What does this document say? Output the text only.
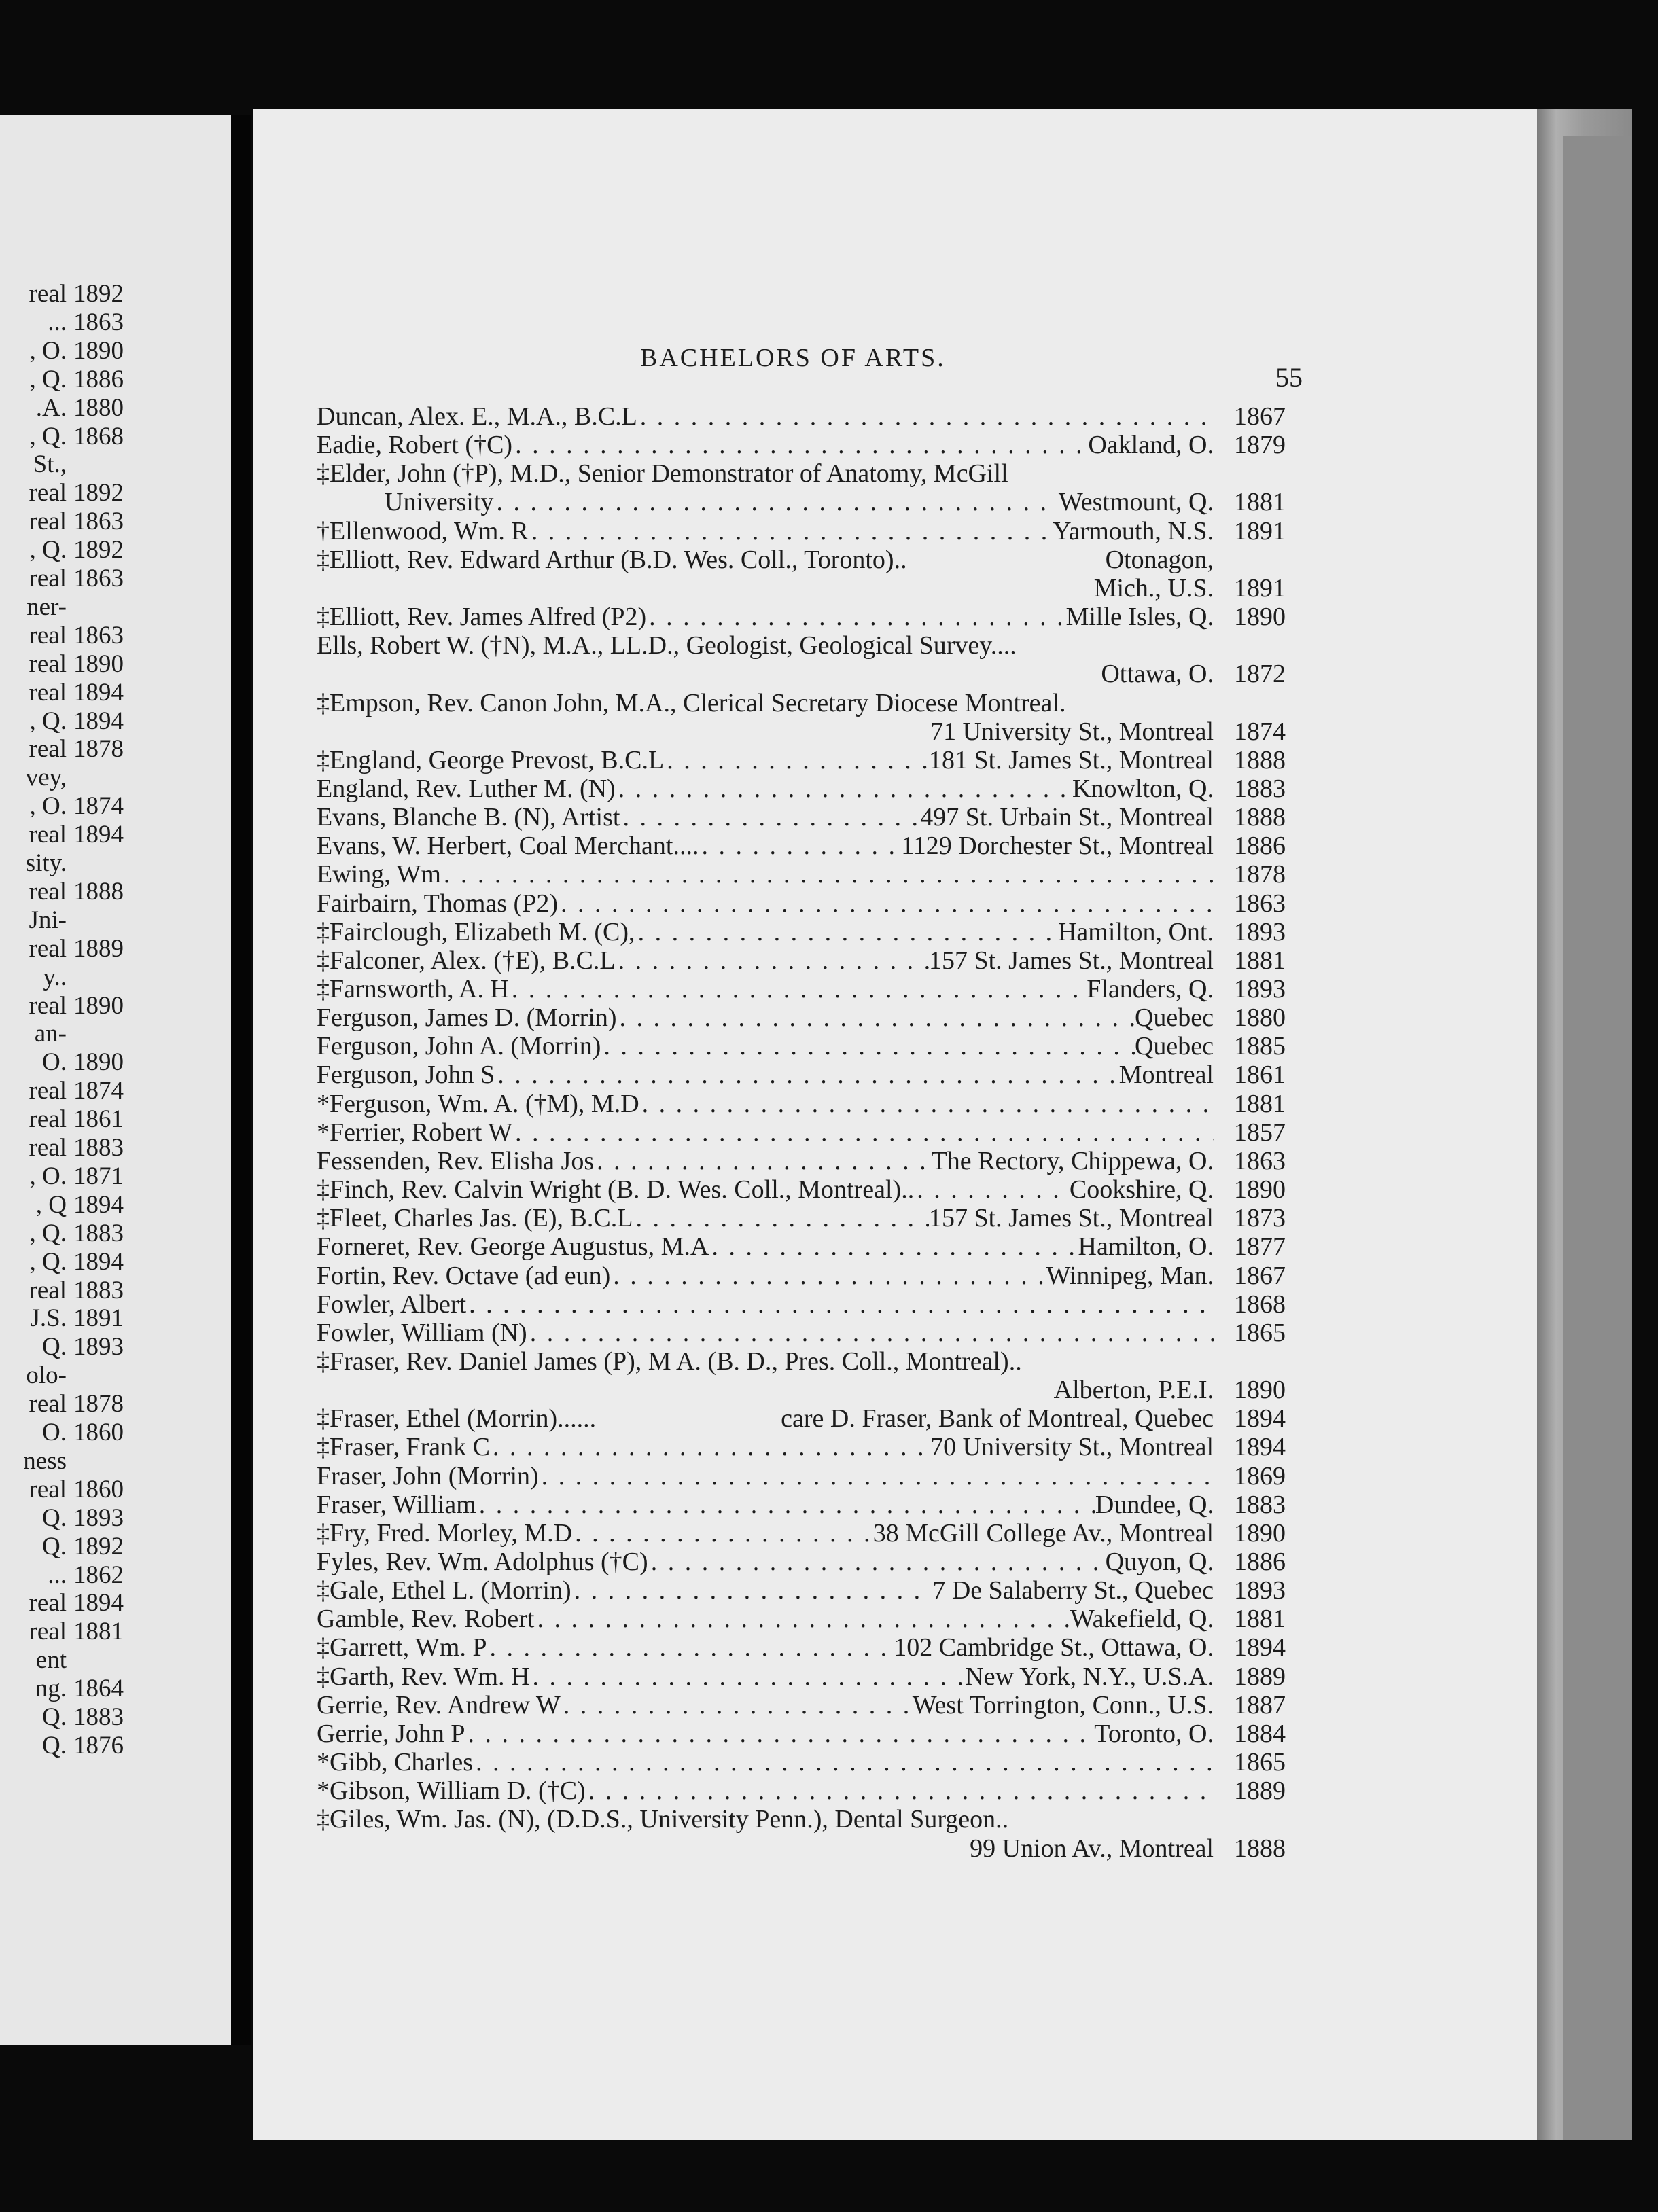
real 1892
... 1863
, O. 1890
, Q. 1886
.A. 1880
, Q. 1868
St.,
real 1892
real 1863
, Q. 1892
real 1863
ner-
real 1863
real 1890
real 1894
, Q. 1894
real 1878
vey,
, O. 1874
real 1894
sity.
real 1888
Jni-
real 1889
y..
real 1890
an-
O. 1890
real 1874
real 1861
real 1883
, O. 1871
, Q 1894
, Q. 1883
, Q. 1894
real 1883
J.S. 1891
Q. 1893
olo-
real 1878
O. 1860
ness
real 1860
Q. 1893
Q. 1892
... 1862
real 1894
real 1881
ent
ng. 1864
Q. 1883
Q. 1876
BACHELORS OF ARTS.
55
Duncan, Alex. E., M.A., B.C.L . . .	1867
Eadie, Robert (†C) . . .	Oakland, O. 1879
‡Elder, John (†P), M.D., Senior Demonstrator of Anatomy, McGill
University . . .	Westmount, Q. 1881
†Ellenwood, Wm. R . . .	Yarmouth, N.S. 1891
‡Elliott, Rev. Edward Arthur (B.D. Wes. Coll., Toronto)..	Otonagon,
Mich., U.S. 1891
‡Elliott, Rev. James Alfred (P2) . . .	Mille Isles, Q. 1890
Ells, Robert W. (†N), M.A., LL.D., Geologist, Geological Survey....
Ottawa, O. 1872
‡Empson, Rev. Canon John, M.A., Clerical Secretary Diocese Montreal.
71 University St., Montreal 1874
‡England, George Prevost, B.C.L . . .	181 St. James St., Montreal 1888
England, Rev. Luther M. (N) . . .	Knowlton, Q. 1883
Evans, Blanche B. (N), Artist . . .	497 St. Urbain St., Montreal 1888
Evans, W. Herbert, Coal Merchant.... . . .	1129 Dorchester St., Montreal 1886
Ewing, Wm . . .	1878
Fairbairn, Thomas (P2) . . .	1863
‡Fairclough, Elizabeth M. (C), . . .	Hamilton, Ont. 1893
‡Falconer, Alex. (†E), B.C.L . . .	157 St. James St., Montreal 1881
‡Farnsworth, A. H . . .	Flanders, Q. 1893
Ferguson, James D. (Morrin) . . .	Quebec 1880
Ferguson, John A. (Morrin) . . .	Quebec 1885
Ferguson, John S . . .	Montreal 1861
*Ferguson, Wm. A. (†M), M.D . . .	1881
*Ferrier, Robert W . . .	1857
Fessenden, Rev. Elisha Jos . . .	The Rectory, Chippewa, O. 1863
‡Finch, Rev. Calvin Wright (B. D. Wes. Coll., Montreal).. . . .	Cookshire, Q. 1890
‡Fleet, Charles Jas. (E), B.C.L . . .	157 St. James St., Montreal 1873
Forneret, Rev. George Augustus, M.A . . .	Hamilton, O. 1877
Fortin, Rev. Octave (ad eun) . . .	Winnipeg, Man. 1867
Fowler, Albert . . .	1868
Fowler, William (N) . . .	1865
‡Fraser, Rev. Daniel James (P), M A. (B. D., Pres. Coll., Montreal)..
Alberton, P.E.I. 1890
‡Fraser, Ethel (Morrin)......	care D. Fraser, Bank of Montreal, Quebec 1894
‡Fraser, Frank C . . .	70 University St., Montreal 1894
Fraser, John (Morrin) . . .	1869
Fraser, William . . .	Dundee, Q. 1883
‡Fry, Fred. Morley, M.D . . .	38 McGill College Av., Montreal 1890
Fyles, Rev. Wm. Adolphus (†C) . . .	Quyon, Q. 1886
‡Gale, Ethel L. (Morrin) . . .	7 De Salaberry St., Quebec 1893
Gamble, Rev. Robert . . .	Wakefield, Q. 1881
‡Garrett, Wm. P . . .	102 Cambridge St., Ottawa, O. 1894
‡Garth, Rev. Wm. H . . .	New York, N.Y., U.S.A. 1889
Gerrie, Rev. Andrew W . . .	West Torrington, Conn., U.S. 1887
Gerrie, John P . . .	Toronto, O. 1884
*Gibb, Charles . . .	1865
*Gibson, William D. (†C) . . .	1889
‡Giles, Wm. Jas. (N), (D.D.S., University Penn.), Dental Surgeon..
99 Union Av., Montreal 1888
